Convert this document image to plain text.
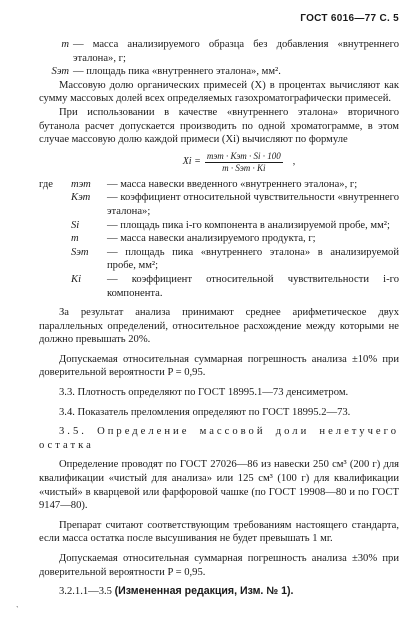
ГОСТ 6016—77 С. 5
m — масса анализируемого образца без добавления «внутреннего эталона», г;
Sэт — площадь пика «внутреннего эталона», мм².

Массовую долю органических примесей (X) в процентах вычисляют как сумму массовых долей всех определяемых газохроматографически примесей.

При использовании в качестве «внутреннего эталона» вторичного бутанола расчет допускается производить по одной хроматограмме, в этом случае массовую долю каждой примеси (Xi) вычисляют по формуле

$Xi = \frac{\text{mэт · Kэт · Si · 100}}{\text{m · Sэт · Ki}}$ ,
где	mэт	— масса навески введенного «внутреннего эталона», г;
Kэт	— коэффициент относительной чувствительности «внутреннего эталона»;
Si	— площадь пика i-го компонента в анализируемой пробе, мм²;
m	— масса навески анализируемого продукта, г;
Sэт	— площадь пика «внутреннего эталона» в анализируемой пробе, мм²;
Ki	— коэффициент относительной чувствительности i-го компонента.

За результат анализа принимают среднее арифметическое двух параллельных определений, относительное расхождение между которыми не должно превышать 20%.

Допускаемая относительная суммарная погрешность анализа ±10% при доверительной вероятности P = 0,95.

3.3. Плотность определяют по ГОСТ 18995.1—73 денсиметром.

3.4. Показатель преломления определяют по ГОСТ 18995.2—73.

3.5. Определение массовой доли нелетучего остатка

Определение проводят по ГОСТ 27026—86 из навески 250 см³ (200 г) для квалификации «чистый для анализа» или 125 см³ (100 г) для квалификации «чистый» в кварцевой или фарфоровой чашке (по ГОСТ 19908—80 и по ГОСТ 9147—80).

Препарат считают соответствующим требованиям настоящего стандарта, если масса остатка после высушивания не будет превышать 1 мг.

Допускаемая относительная суммарная погрешность анализа ±30% при доверительной вероятности P = 0,95.

3.2.1.1—3.5 (Измененная редакция, Изм. № 1).

`
